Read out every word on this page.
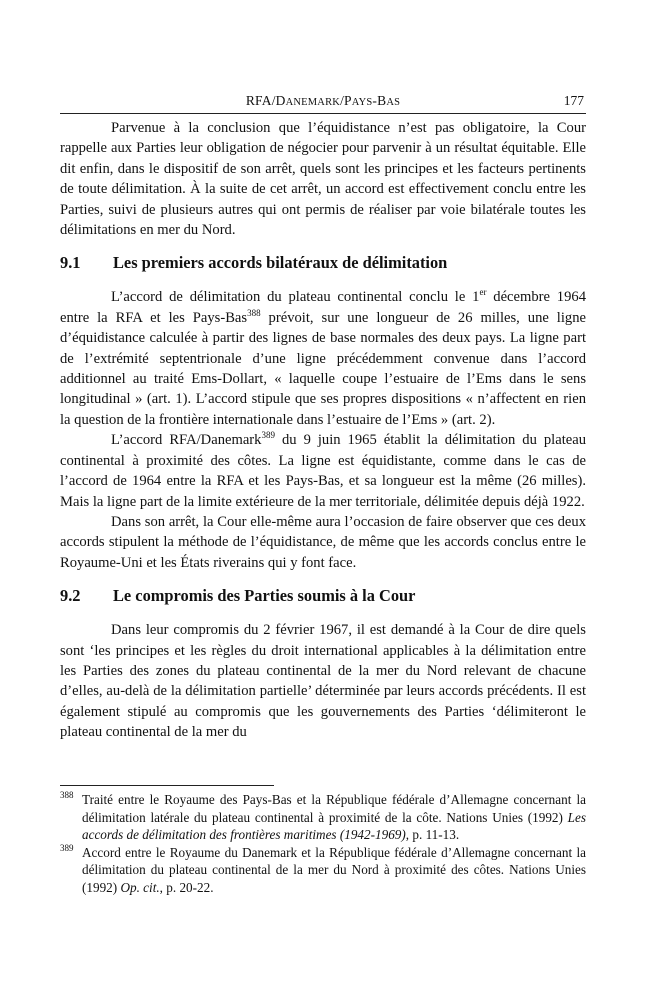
RFA/DANEMARK/PAYS-BAS	177

Parvenue à la conclusion que l’équidistance n’est pas obligatoire, la Cour rappelle aux Parties leur obligation de négocier pour parvenir à un résultat équitable. Elle dit enfin, dans le dispositif de son arrêt, quels sont les principes et les facteurs pertinents de toute délimitation. À la suite de cet arrêt, un accord est effectivement conclu entre les Parties, suivi de plusieurs autres qui ont permis de réaliser par voie bilatérale toutes les délimitations en mer du Nord.

9.1 Les premiers accords bilatéraux de délimitation

L’accord de délimitation du plateau continental conclu le 1er décembre 1964 entre la RFA et les Pays-Bas$^{388}$ prévoit, sur une longueur de 26 milles, une ligne d’équidistance calculée à partir des lignes de base normales des deux pays. La ligne part de l’extrémité septentrionale d’une ligne précédemment convenue dans l’accord additionnel au traité Ems-Dollart, « laquelle coupe l’estuaire de l’Ems dans le sens longitudinal » (art. 1). L’accord stipule que ses propres dispositions « n’affectent en rien la question de la frontière internationale dans l’estuaire de l’Ems » (art. 2).

L’accord RFA/Danemark$^{389}$ du 9 juin 1965 établit la délimitation du plateau continental à proximité des côtes. La ligne est équidistante, comme dans le cas de l’accord de 1964 entre la RFA et les Pays-Bas, et sa longueur est la même (26 milles). Mais la ligne part de la limite extérieure de la mer territoriale, délimitée depuis déjà 1922.

Dans son arrêt, la Cour elle-même aura l’occasion de faire observer que ces deux accords stipulent la méthode de l’équidistance, de même que les accords conclus entre le Royaume-Uni et les États riverains qui y font face.

9.2 Le compromis des Parties soumis à la Cour

Dans leur compromis du 2 février 1967, il est demandé à la Cour de dire quels sont ‘les principes et les règles du droit international applicables à la délimitation entre les Parties des zones du plateau continental de la mer du Nord relevant de chacune d’elles, au-delà de la délimitation partielle’ déterminée par leurs accords précédents. Il est également stipulé au compromis que les gouvernements des Parties ‘délimiteront le plateau continental de la mer du

388 Traité entre le Royaume des Pays-Bas et la République fédérale d’Allemagne concernant la délimitation latérale du plateau continental à proximité de la côte. Nations Unies (1992) Les accords de délimitation des frontières maritimes (1942-1969), p. 11-13.
389 Accord entre le Royaume du Danemark et la République fédérale d’Allemagne concernant la délimitation du plateau continental de la mer du Nord à proximité des côtes. Nations Unies (1992) Op. cit., p. 20-22.
